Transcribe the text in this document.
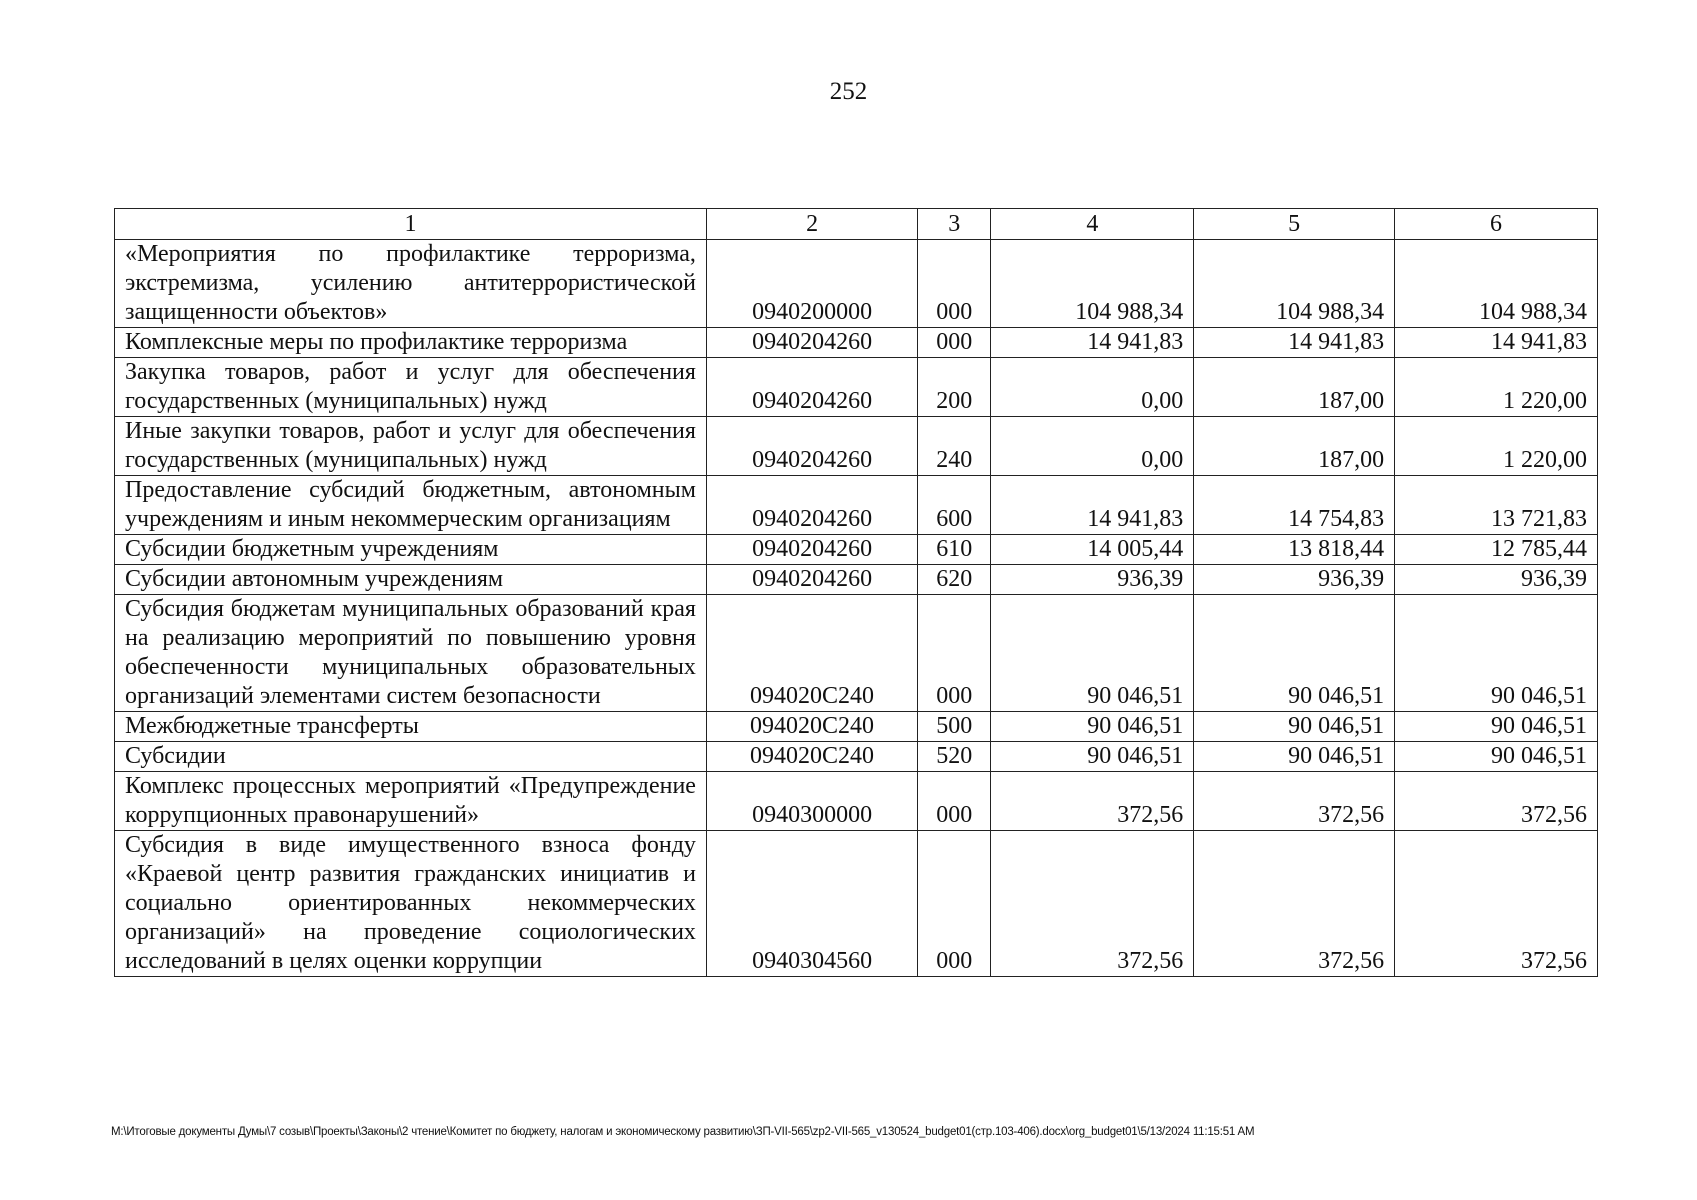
252
1	2	3	4	5	6
«Мероприятия по профилактике терроризма, экстремизма, усилению антитеррористической защищенности объектов»	0940200000	000	104 988,34	104 988,34	104 988,34
Комплексные меры по профилактике терроризма	0940204260	000	14 941,83	14 941,83	14 941,83
Закупка товаров, работ и услуг для обеспечения государственных (муниципальных) нужд	0940204260	200	0,00	187,00	1 220,00
Иные закупки товаров, работ и услуг для обеспечения государственных (муниципальных) нужд	0940204260	240	0,00	187,00	1 220,00
Предоставление субсидий бюджетным, автономным учреждениям и иным некоммерческим организациям	0940204260	600	14 941,83	14 754,83	13 721,83
Субсидии бюджетным учреждениям	0940204260	610	14 005,44	13 818,44	12 785,44
Субсидии автономным учреждениям	0940204260	620	936,39	936,39	936,39
Субсидия бюджетам муниципальных образований края на реализацию мероприятий по повышению уровня обеспеченности муниципальных образовательных организаций элементами систем безопасности	094020С240	000	90 046,51	90 046,51	90 046,51
Межбюджетные трансферты	094020С240	500	90 046,51	90 046,51	90 046,51
Субсидии	094020С240	520	90 046,51	90 046,51	90 046,51
Комплекс процессных мероприятий «Предупреждение коррупционных правонарушений»	0940300000	000	372,56	372,56	372,56
Субсидия в виде имущественного взноса фонду «Краевой центр развития гражданских инициатив и социально ориентированных некоммерческих организаций» на проведение социологических исследований в целях оценки коррупции	0940304560	000	372,56	372,56	372,56
М:\Итоговые документы Думы\7 созыв\Проекты\Законы\2 чтение\Комитет по бюджету, налогам и экономическому развитию\ЗП-VII-565\zp2-VII-565_v130524_budget01(стр.103-406).docx\org_budget01\5/13/2024 11:15:51 AM
